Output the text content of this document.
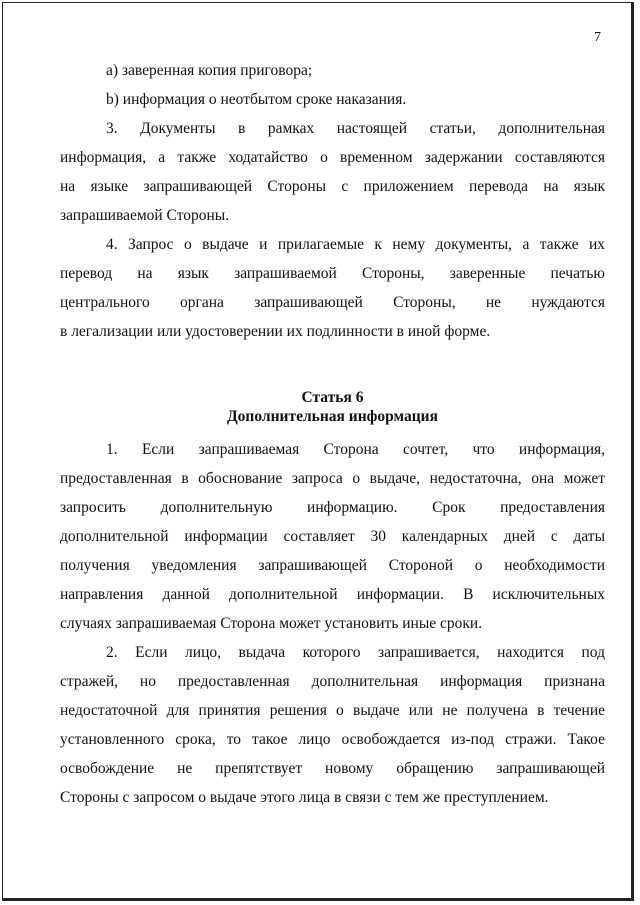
7
a) заверенная копия приговора;
b) информация о неотбытом сроке наказания.
3. Документы в рамках настоящей статьи, дополнительная
информация, а также ходатайство о временном задержании составляются
на языке запрашивающей Стороны с приложением перевода на язык
запрашиваемой Стороны.
4. Запрос о выдаче и прилагаемые к нему документы, а также их
перевод на язык запрашиваемой Стороны, заверенные печатью
центрального органа запрашивающей Стороны, не нуждаются
в легализации или удостоверении их подлинности в иной форме.
Статья 6
Дополнительная информация
1. Если запрашиваемая Сторона сочтет, что информация,
предоставленная в обоснование запроса о выдаче, недостаточна, она может
запросить дополнительную информацию. Срок предоставления
дополнительной информации составляет 30 календарных дней с даты
получения уведомления запрашивающей Стороной о необходимости
направления данной дополнительной информации. В исключительных
случаях запрашиваемая Сторона может установить иные сроки.
2. Если лицо, выдача которого запрашивается, находится под
стражей, но предоставленная дополнительная информация признана
недостаточной для принятия решения о выдаче или не получена в течение
установленного срока, то такое лицо освобождается из-под стражи. Такое
освобождение не препятствует новому обращению запрашивающей
Стороны с запросом о выдаче этого лица в связи с тем же преступлением.
